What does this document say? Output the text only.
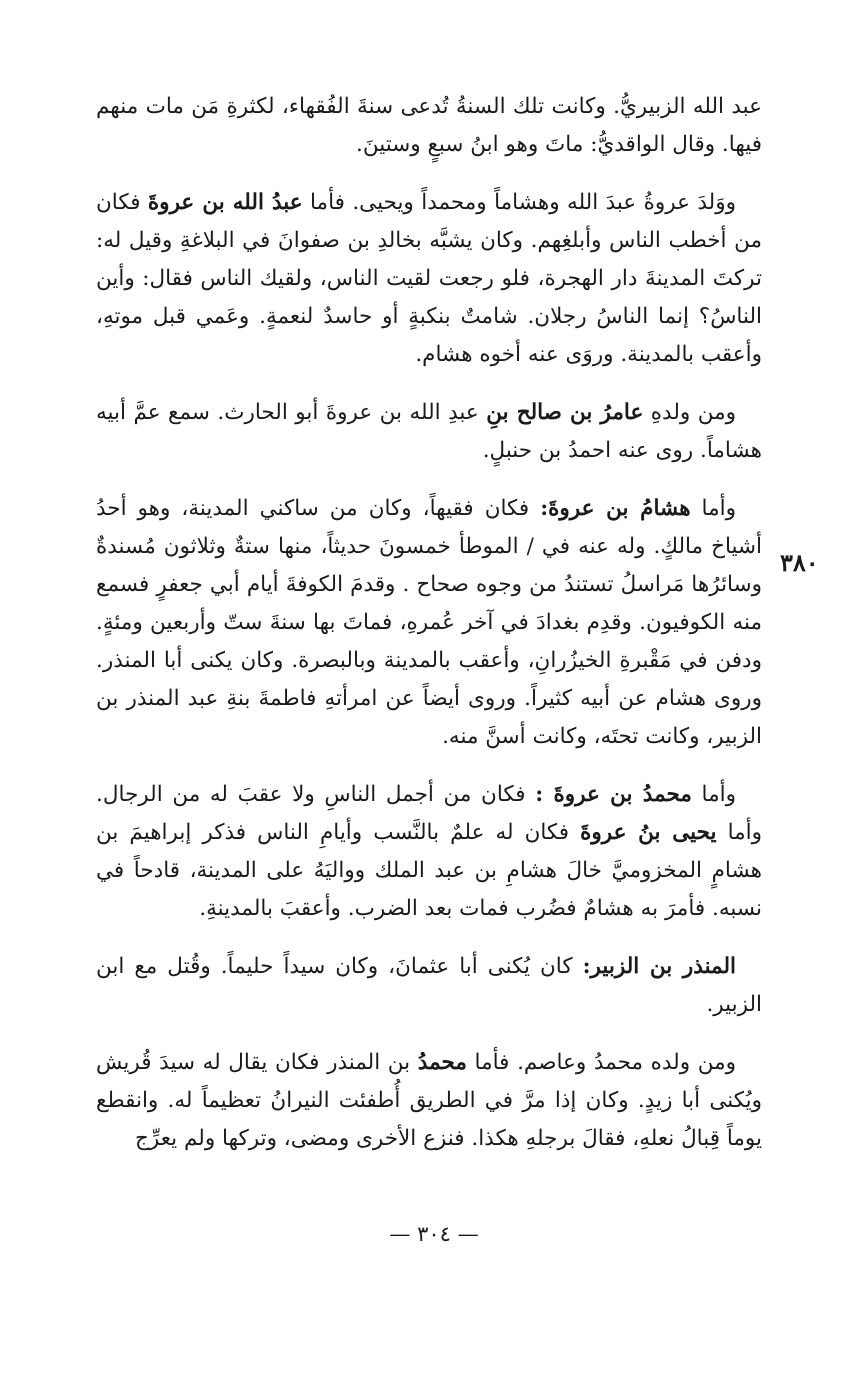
٣٨٠

عبد الله الزبيريُّ. وكانت تلك السنةُ تُدعى سنةَ الفُقهاء، لكثرةِ مَن مات منهم فيها. وقال الواقديُّ: ماتَ وهو ابنُ سبعٍ وستينَ.

ووَلدَ عروةُ عبدَ الله وهشاماً ومحمداً ويحيى. فأما عبدُ الله بن عروةَ فكان من أخطب الناس وأبلغِهم. وكان يشبَّه بخالدِ بن صفوانَ في البلاغةِ وقيل له: تركتَ المدينةَ دار الهجرة، فلو رجعت لقيت الناس، ولقيك الناس فقال: وأين الناسُ؟ إنما الناسُ رجلان. شامتٌ بنكبةٍ أو حاسدٌ لنعمةٍ. وعَمي قبل موتهِ، وأعقب بالمدينة. وروَى عنه أخوه هشام.

ومن ولدهِ عامرُ بن صالح بنِ عبدِ الله بن عروةَ أبو الحارث. سمع عمَّ أبيه هشاماً. روى عنه احمدُ بن حنبلٍ.

وأما هشامُ بن عروةَ: فكان فقيهاً، وكان من ساكني المدينة، وهو أحدُ أشياخ مالكٍ. وله عنه في / الموطأ خمسونَ حديثاً، منها ستةٌ وثلاثون مُسندةٌ وسائرُها مَراسلُ تستندُ من وجوه صحاح . وقدمَ الكوفةَ أيام أبي جعفرٍ فسمع منه الكوفيون. وقدِم بغدادَ في آخر عُمرهِ، فماتَ بها سنةَ ستّ وأربعين ومئةٍ. ودفن في مَقْبرةِ الخيزُرانِ، وأعقب بالمدينة وبالبصرة. وكان يكنى أبا المنذر. وروى هشام عن أبيه كثيراً. وروى أيضاً عن امرأتهِ فاطمةَ بنةِ عبد المنذر بن الزبير، وكانت تحتَه، وكانت أسنَّ منه.

وأما محمدُ بن عروةَ : فكان من أجمل الناسِ ولا عقبَ له من الرجال. وأما يحيى بنُ عروةَ فكان له علمٌ بالنَّسب وأيامِ الناس فذكر إبراهيمَ بن هشامٍ المخزوميَّ خالَ هشامِ بن عبد الملك وواليَهُ على المدينة، قادحاً في نسبه. فأمرَ به هشامٌ فضُرب فمات بعد الضرب. وأعقبَ بالمدينةِ.

المنذر بن الزبير: كان يُكنى أبا عثمانَ، وكان سيداً حليماً. وقُتل مع ابن الزبير.

ومن ولده محمدُ وعاصم. فأما محمدُ بن المنذر فكان يقال له سيدَ قُريش ويُكنى أبا زيدٍ. وكان إذا مرَّ في الطريق أُطفئت النيرانُ تعظيماً له. وانقطع يوماً قِبالُ نعلهِ، فقالَ برجلهِ هكذا. فنزع الأخرى ومضى، وتركها ولم يعرِّج

— ٣٠٤ —
